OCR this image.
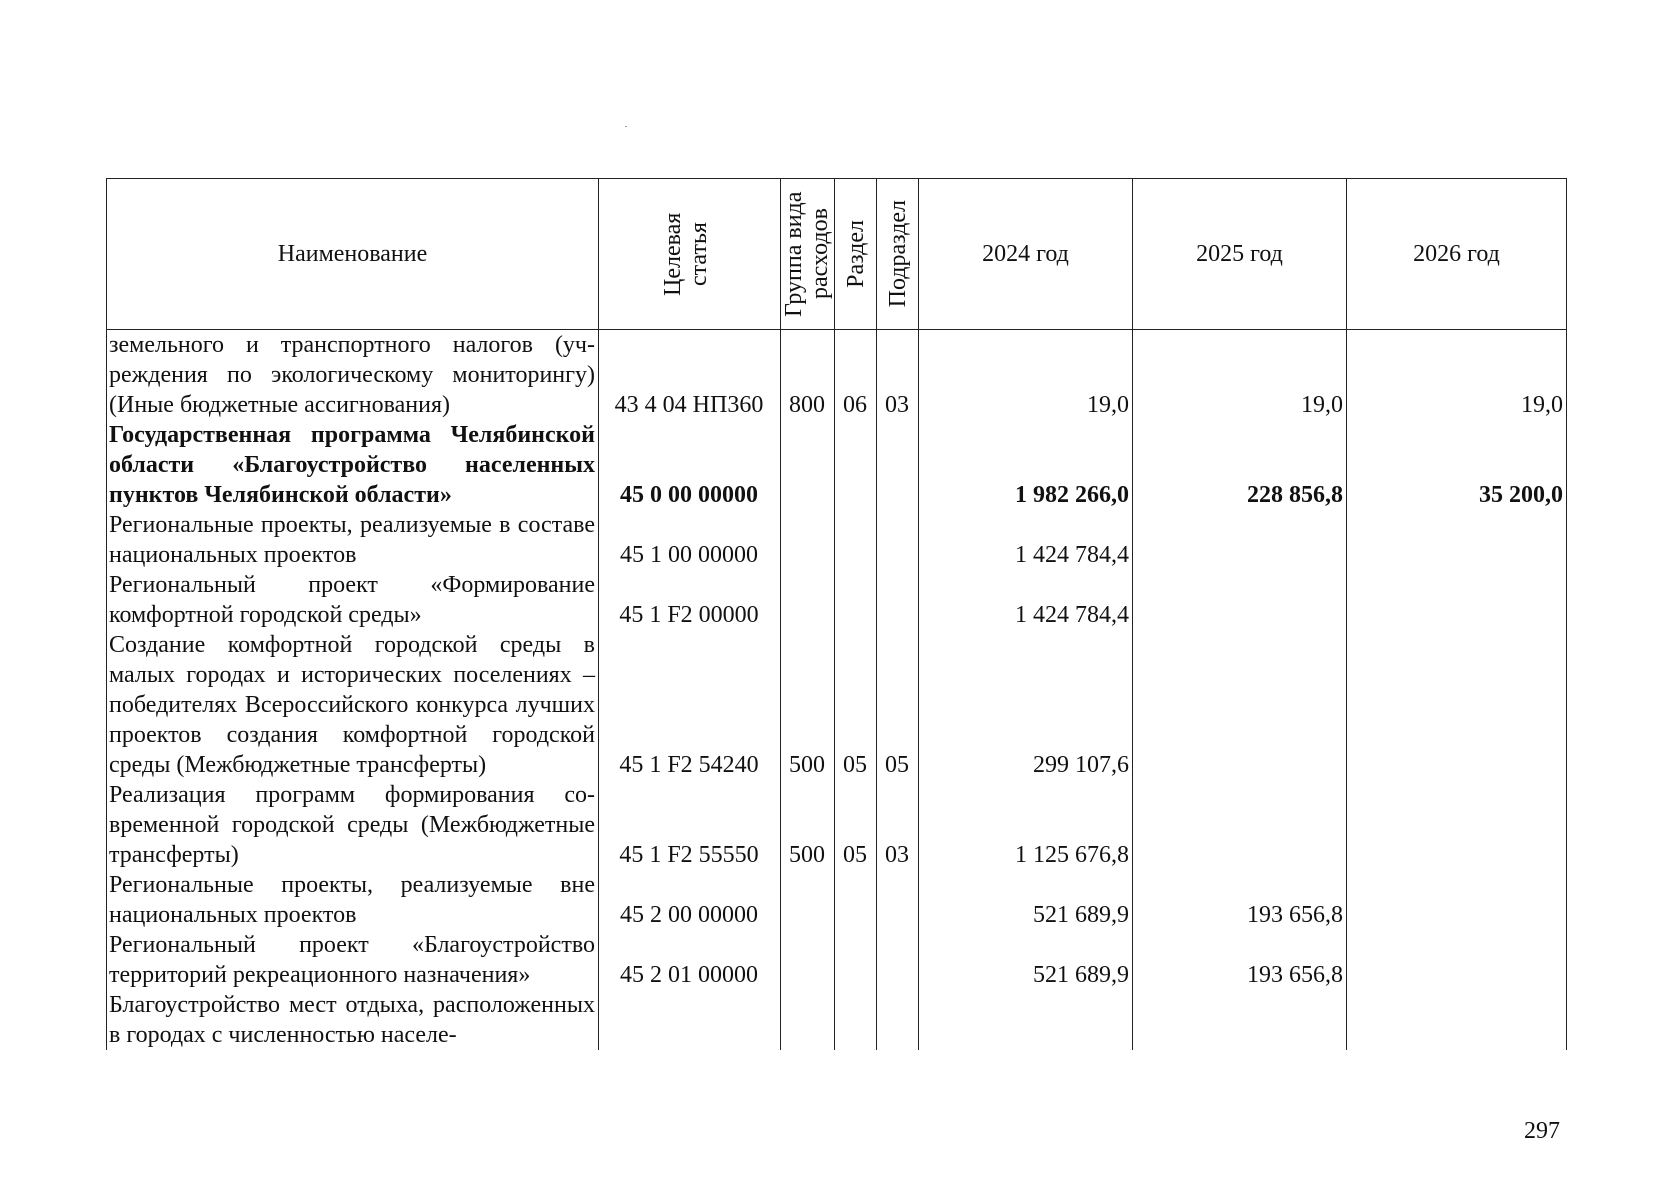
Наименование	Целевая статья	Группа вида расходов	Раздел	Подраздел	2024 год	2025 год	2026 год
земельного и транспортного налогов (учреждения по экологическому мониторингу) (Иные бюджетные ассигнования)	43 4 04 НП360	800	06	03	19,0	19,0	19,0
Государственная программа Челябинской области «Благоустройство населенных пунктов Челябинской области»	45 0 00 00000				1 982 266,0	228 856,8	35 200,0
Региональные проекты, реализуемые в составе национальных проектов	45 1 00 00000				1 424 784,4		
Региональный проект «Формирование комфортной городской среды»	45 1 F2 00000				1 424 784,4		
Создание комфортной городской среды в малых городах и исторических поселениях – победителях Всероссийского конкурса лучших проектов создания комфортной городской среды (Межбюджетные трансферты)	45 1 F2 54240	500	05	05	299 107,6		
Реализация программ формирования современной городской среды (Межбюджетные трансферты)	45 1 F2 55550	500	05	03	1 125 676,8		
Региональные проекты, реализуемые вне национальных проектов	45 2 00 00000				521 689,9	193 656,8	
Региональный проект «Благоустройство территорий рекреационного назначения»	45 2 01 00000				521 689,9	193 656,8	
Благоустройство мест отдыха, расположенных в городах с численностью населе-							
297
